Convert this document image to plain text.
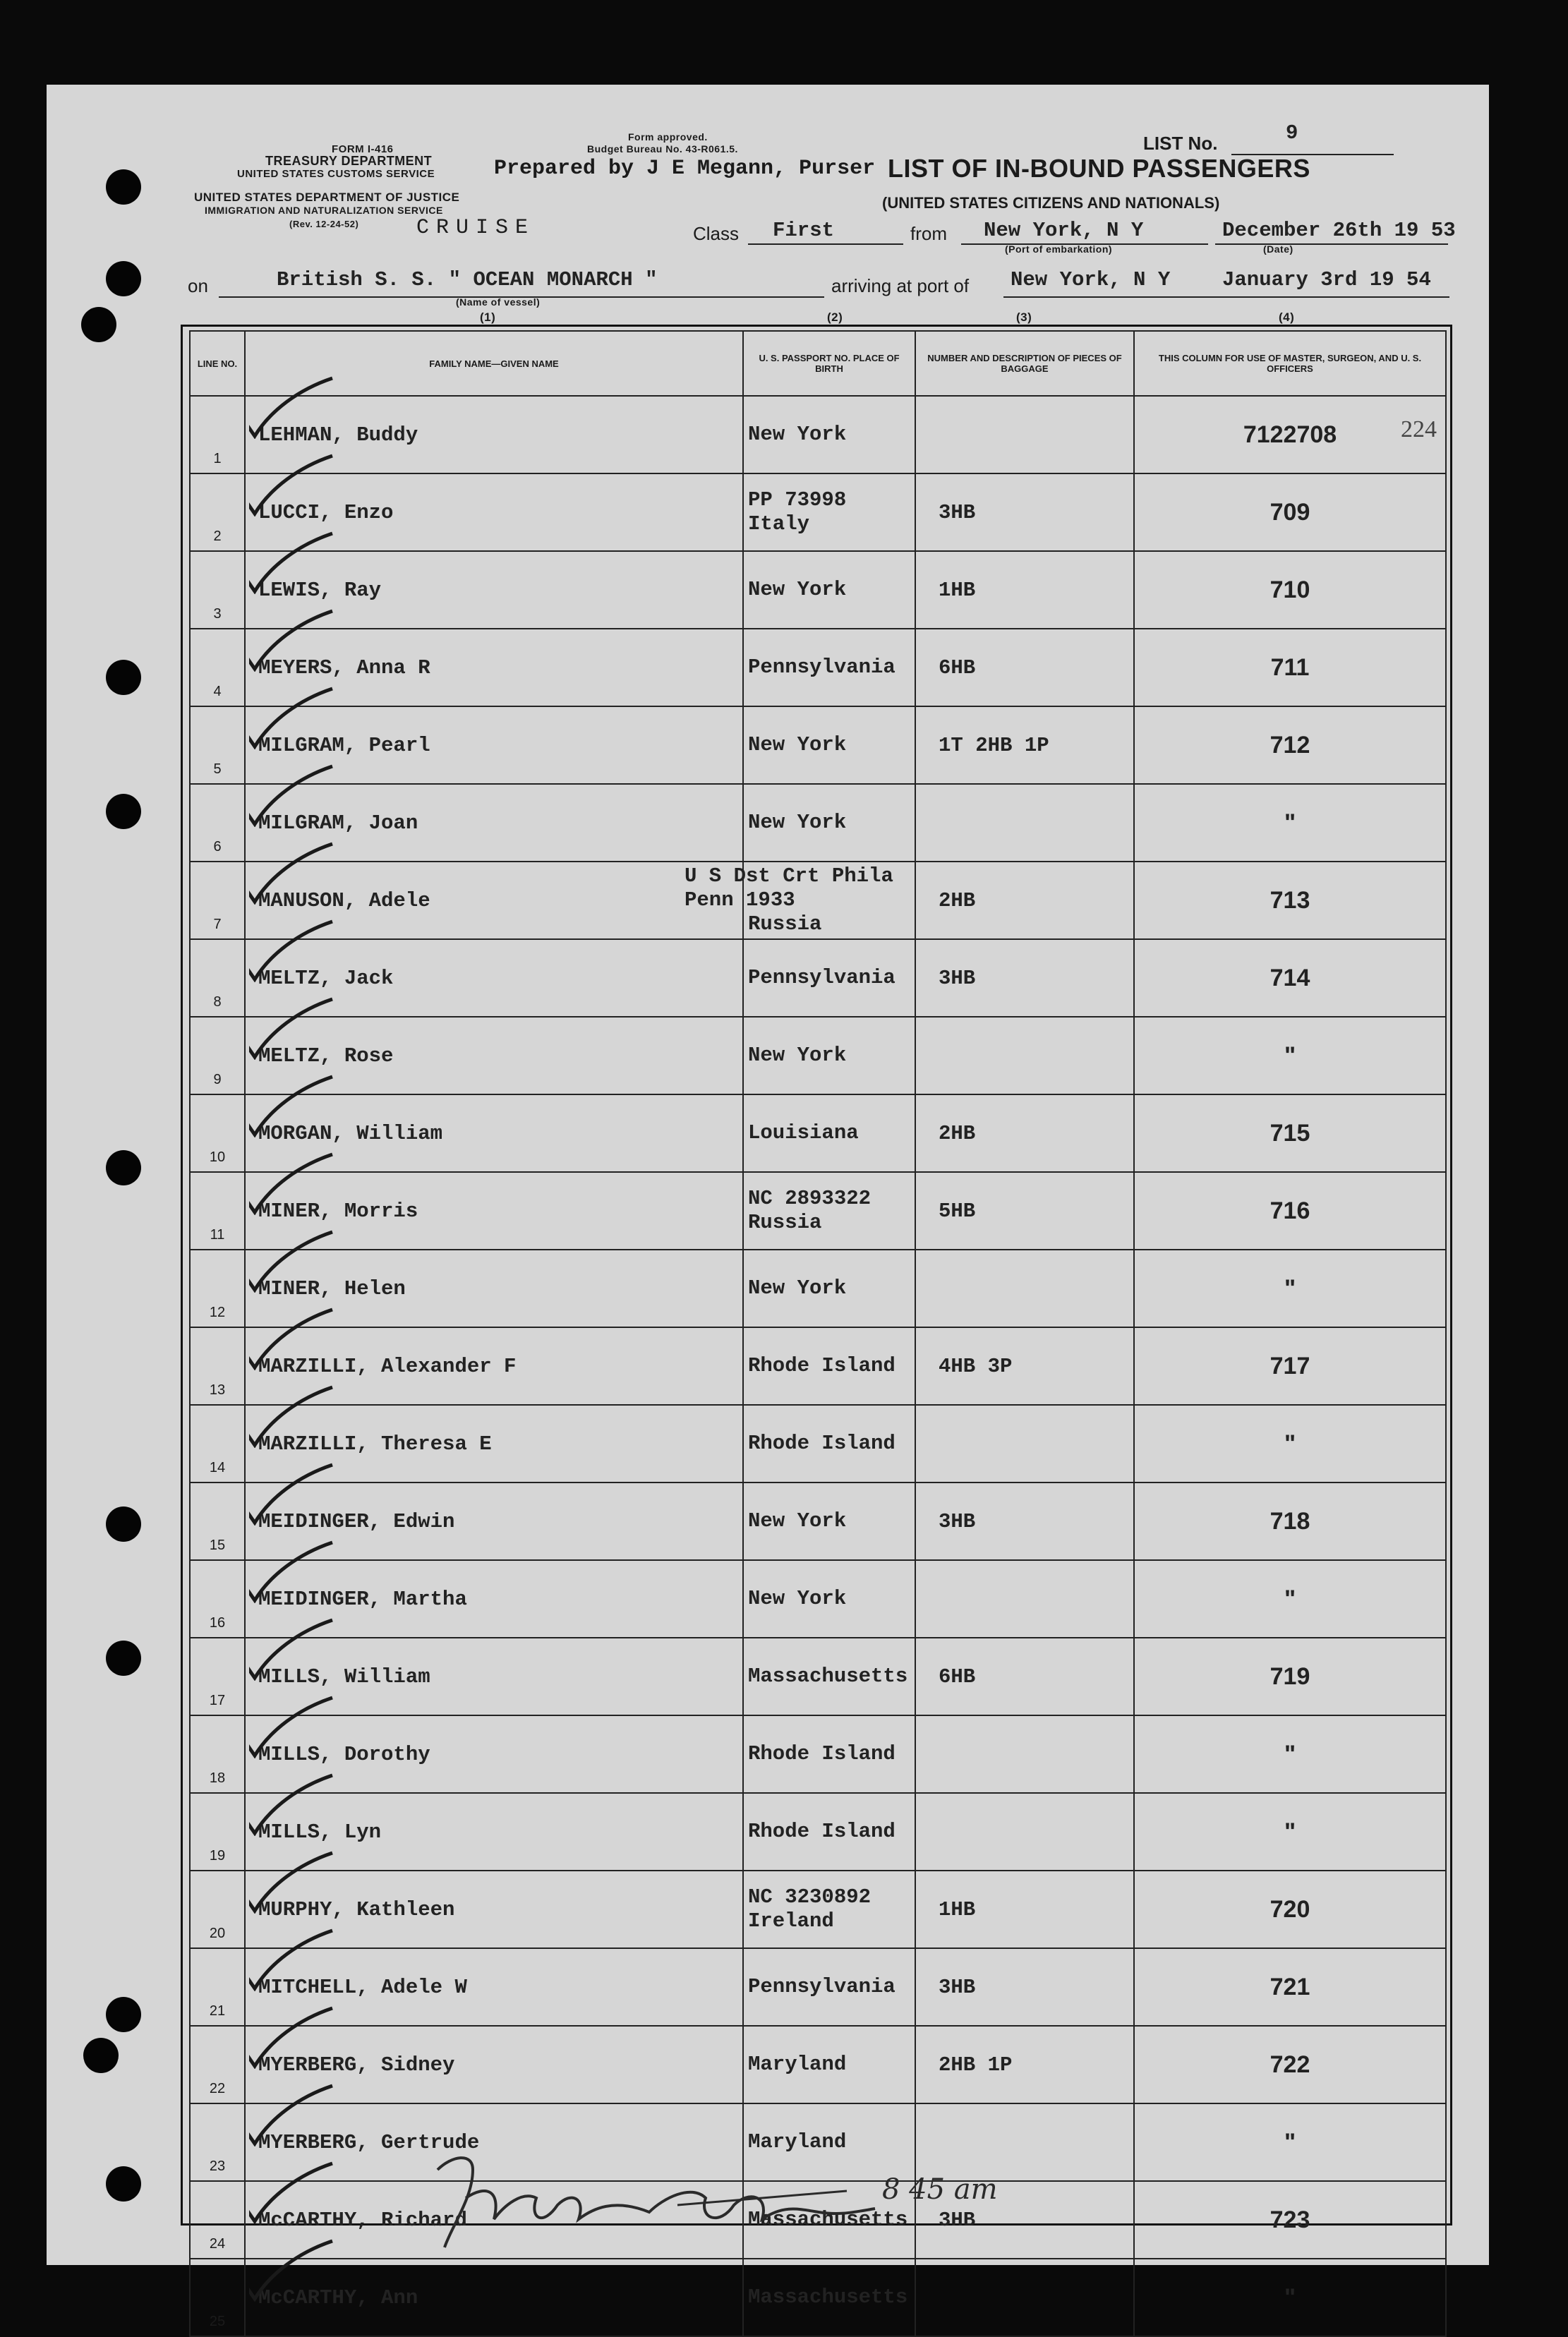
FORM I-416
TREASURY DEPARTMENT
UNITED STATES CUSTOMS SERVICE
UNITED STATES DEPARTMENT OF JUSTICE
IMMIGRATION AND NATURALIZATION SERVICE
(Rev. 12-24-52)	CRUISE
Form approved.
Budget Bureau No. 43-R061.5.
Prepared by J E Megann, Purser LIST OF IN-BOUND PASSENGERS
(UNITED STATES CITIZENS AND NATIONALS)
LIST No.	9
Class First	from New York, N Y
(Port of embarkation)
December 26th 19 53
(Date)
on	British S. S. " OCEAN MONARCH "
(Name of vessel)
arriving at port of New York, N Y	January 3rd 19 54
(1)	(2)	(3)	(4)
LINE NO.	FAMILY NAME—GIVEN NAME	U. S. PASSPORT NO. PLACE OF BIRTH	NUMBER AND DESCRIPTION OF PIECES OF BAGGAGE	THIS COLUMN FOR USE OF MASTER, SURGEON, AND U. S. OFFICERS
1	LEHMAN, Buddy	New York		7122708
2	LUCCI, Enzo	PP 73998
Italy	3HB	709
3	LEWIS, Ray	New York	1HB	710
4	MEYERS, Anna R	Pennsylvania	6HB	711
5	MILGRAM, Pearl	New York	1T 2HB 1P	712
6	MILGRAM, Joan	New York		"
7	MANUSON, Adele	U S Dst Crt Phila Penn 1933
Russia	2HB	713
8	MELTZ, Jack	Pennsylvania	3HB	714
9	MELTZ, Rose	New York		"
10	MORGAN, William	Louisiana	2HB	715
11	MINER, Morris	NC 2893322
Russia	5HB	716
12	MINER, Helen	New York		"
13	MARZILLI, Alexander F	Rhode Island	4HB 3P	717
14	MARZILLI, Theresa E	Rhode Island		"
15	MEIDINGER, Edwin	New York	3HB	718
16	MEIDINGER, Martha	New York		"
17	MILLS, William	Massachusetts	6HB	719
18	MILLS, Dorothy	Rhode Island		"
19	MILLS, Lyn	Rhode Island		"
20	MURPHY, Kathleen	NC 3230892
Ireland	1HB	720
21	MITCHELL, Adele W	Pennsylvania	3HB	721
22	MYERBERG, Sidney	Maryland	2HB 1P	722
23	MYERBERG, Gertrude	Maryland		"
24	McCARTHY, Richard	Massachusetts	3HB	723
25	McCARTHY, Ann	Massachusetts		"
224
8 45 am
